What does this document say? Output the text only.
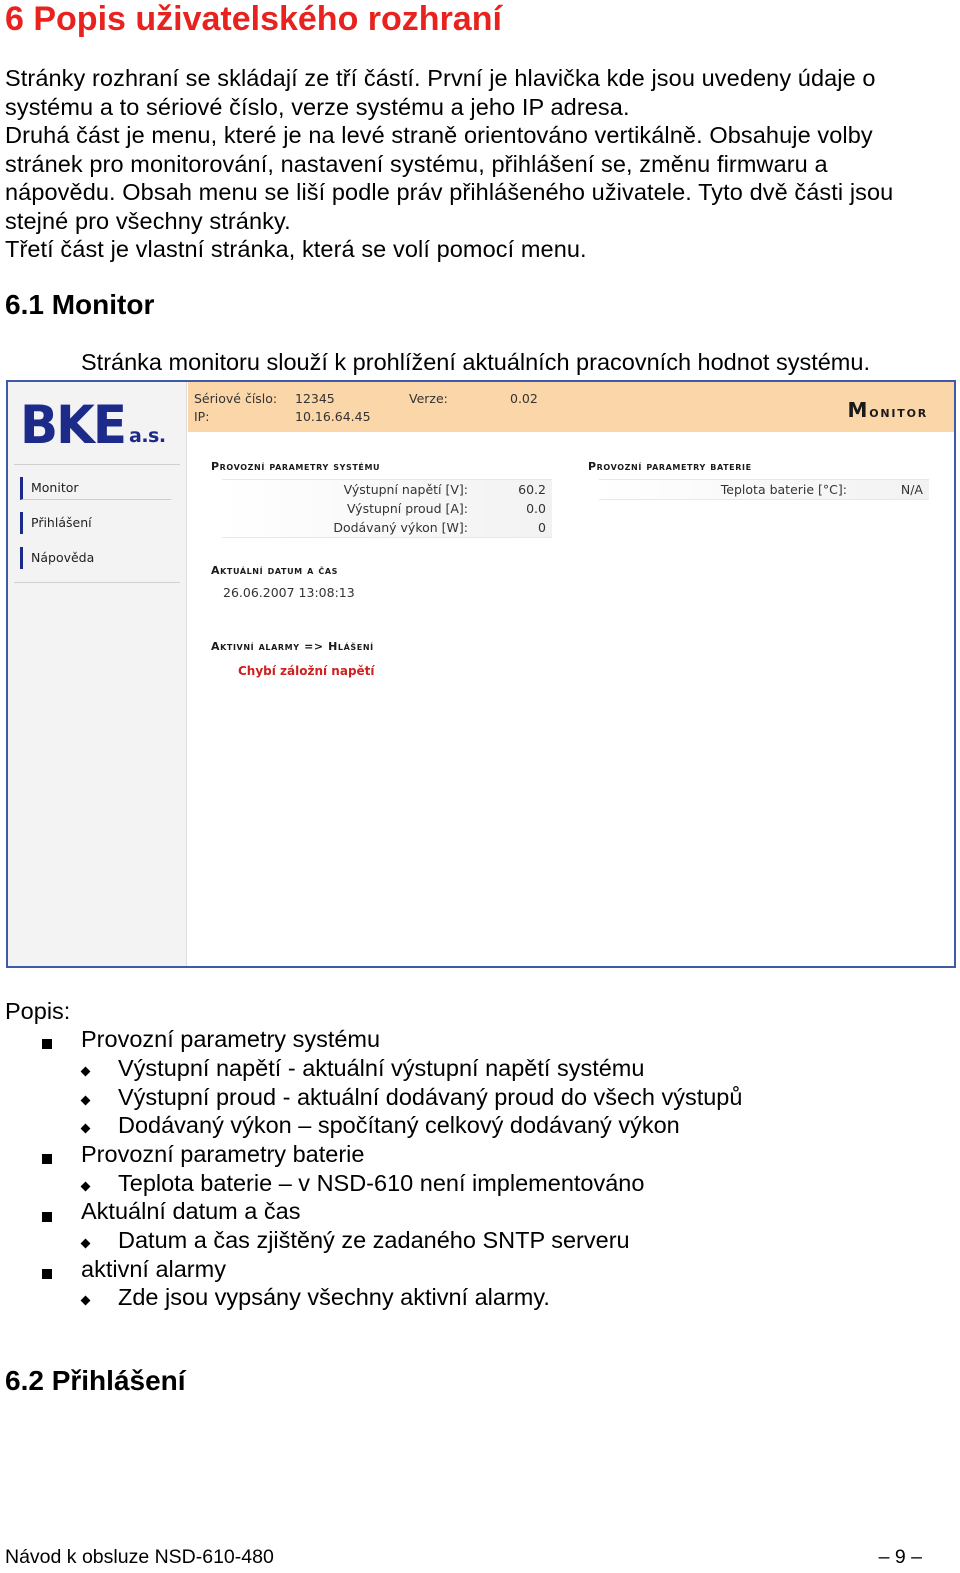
6 Popis uživatelského rozhraní
Stránky rozhraní se skládají ze tří částí. První je hlavička kde jsou uvedeny údaje o
systému a to sériové číslo, verze systému a jeho IP adresa.
Druhá část je menu, které je na levé straně orientováno vertikálně. Obsahuje volby
stránek pro monitorování, nastavení systému, přihlášení se, změnu firmwaru a
nápovědu. Obsah menu se liší podle práv přihlášeného uživatele. Tyto dvě části jsou
stejné pro všechny stránky.
Třetí část je vlastní stránka, která se volí pomocí menu.
6.1 Monitor
Stránka monitoru slouží k prohlížení aktuálních pracovních hodnot systému.
BKE a.s.
Monitor
Přihlášení
Nápověda
Sériové číslo: 12345
IP:	10.16.64.45
Verze:	0.02	Monitor
Provozní parametry systému
Výstupní napětí [V]:	60.2
Výstupní proud [A]:	0.0
Dodávaný výkon [W]:	0
Provozní parametry baterie
Teplota baterie [°C]:	N/A
Aktuální datum a čas
26.06.2007 13:08:13
Aktivní alarmy => Hlášení
Chybí záložní napětí
Popis:
Provozní parametry systému
Výstupní napětí - aktuální výstupní napětí systému
Výstupní proud - aktuální dodávaný proud do všech výstupů
Dodávaný výkon – spočítaný celkový dodávaný výkon
Provozní parametry baterie
Teplota baterie – v NSD-610 není implementováno
Aktuální datum a čas
Datum a čas zjištěný ze zadaného SNTP serveru
aktivní alarmy
Zde jsou vypsány všechny aktivní alarmy.
6.2 Přihlášení
Návod k obsluze NSD-610-480	– 9 –
